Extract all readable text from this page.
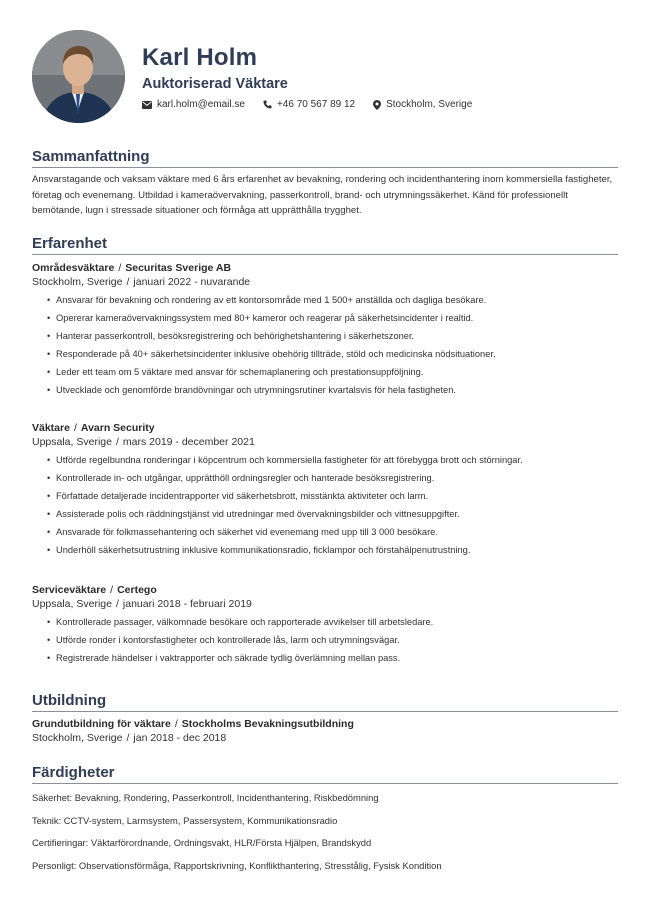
Karl Holm
Auktoriserad Väktare
karl.holm@email.se	+46 70 567 89 12	Stockholm, Sverige
Sammanfattning
Ansvarstagande och vaksam väktare med 6 års erfarenhet av bevakning, rondering och incidenthantering inom kommersiella fastigheter, företag och evenemang. Utbildad i kameraövervakning, passerkontroll, brand- och utrymningssäkerhet. Känd för professionellt bemötande, lugn i stressade situationer och förmåga att upprätthålla trygghet.
Erfarenhet
Områdesväktare / Securitas Sverige AB
Stockholm, Sverige / januari 2022 - nuvarande
• Ansvarar för bevakning och rondering av ett kontorsområde med 1 500+ anställda och dagliga besökare.
• Opererar kameraövervakningssystem med 80+ kameror och reagerar på säkerhetsincidenter i realtid.
• Hanterar passerkontroll, besöksregistrering och behörighetshantering i säkerhetszoner.
• Responderade på 40+ säkerhetsincidenter inklusive obehörig tillträde, stöld och medicinska nödsituationer.
• Leder ett team om 5 väktare med ansvar för schemaplanering och prestationsuppföljning.
• Utvecklade och genomförde brandövningar och utrymningsrutiner kvartalsvis för hela fastigheten.
Väktare / Avarn Security
Uppsala, Sverige / mars 2019 - december 2021
• Utförde regelbundna ronderingar i köpcentrum och kommersiella fastigheter för att förebygga brott och störningar.
• Kontrollerade in- och utgångar, upprätthöll ordningsregler och hanterade besöksregistrering.
• Författade detaljerade incidentrapporter vid säkerhetsbrott, misstänkta aktiviteter och larm.
• Assisterade polis och räddningstjänst vid utredningar med övervakningsbilder och vittnesuppgifter.
• Ansvarade för folkmassehantering och säkerhet vid evenemang med upp till 3 000 besökare.
• Underhöll säkerhetsutrustning inklusive kommunikationsradio, ficklampor och förstahälpenutrustning.
Serviceväktare / Certego
Uppsala, Sverige / januari 2018 - februari 2019
• Kontrollerade passager, välkomnade besökare och rapporterade avvikelser till arbetsledare.
• Utförde ronder i kontorsfastigheter och kontrollerade lås, larm och utrymningsvägar.
• Registrerade händelser i vaktrapporter och säkrade tydlig överlämning mellan pass.
Utbildning
Grundutbildning för väktare / Stockholms Bevakningsutbildning
Stockholm, Sverige / jan 2018 - dec 2018
Färdigheter
Säkerhet: Bevakning, Rondering, Passerkontroll, Incidenthantering, Riskbedömning
Teknik: CCTV-system, Larmsystem, Passersystem, Kommunikationsradio
Certifieringar: Väktarförordnande, Ordningsvakt, HLR/Första Hjälpen, Brandskydd
Personligt: Observationsförmåga, Rapportskrivning, Konflikthantering, Stresstålig, Fysisk Kondition
